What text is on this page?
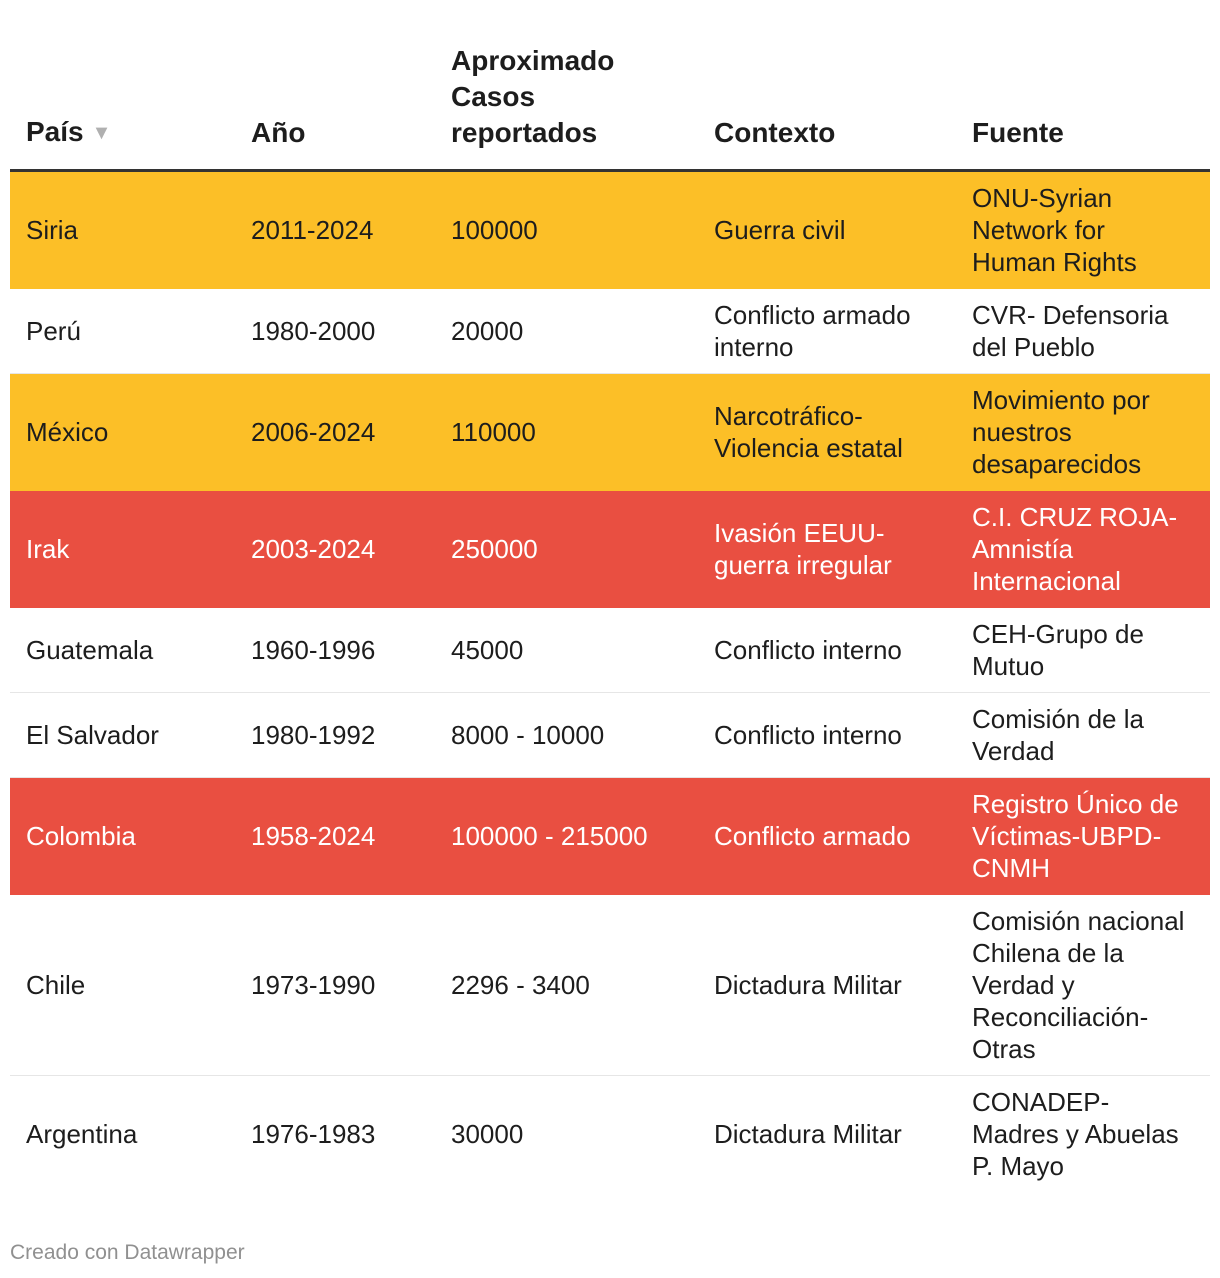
País ▼	Año	Aproximado Casos reportados	Contexto	Fuente
Siria	2011-2024	100000	Guerra civil	ONU-Syrian Network for Human Rights
Perú	1980-2000	20000	Conflicto armado interno	CVR- Defensoria del Pueblo
México	2006-2024	110000	Narcotráfico-Violencia estatal	Movimiento por nuestros desaparecidos
Irak	2003-2024	250000	Ivasión EEUU-guerra irregular	C.I. CRUZ ROJA-Amnistía Internacional
Guatemala	1960-1996	45000	Conflicto interno	CEH-Grupo de Mutuo
El Salvador	1980-1992	8000 - 10000	Conflicto interno	Comisión de la Verdad
Colombia	1958-2024	100000 - 215000	Conflicto armado	Registro Único de Víctimas-UBPD-CNMH
Chile	1973-1990	2296 - 3400	Dictadura Militar	Comisión nacional Chilena de la Verdad y Reconciliación-Otras
Argentina	1976-1983	30000	Dictadura Militar	CONADEP-Madres y Abuelas P. Mayo
Creado con Datawrapper
